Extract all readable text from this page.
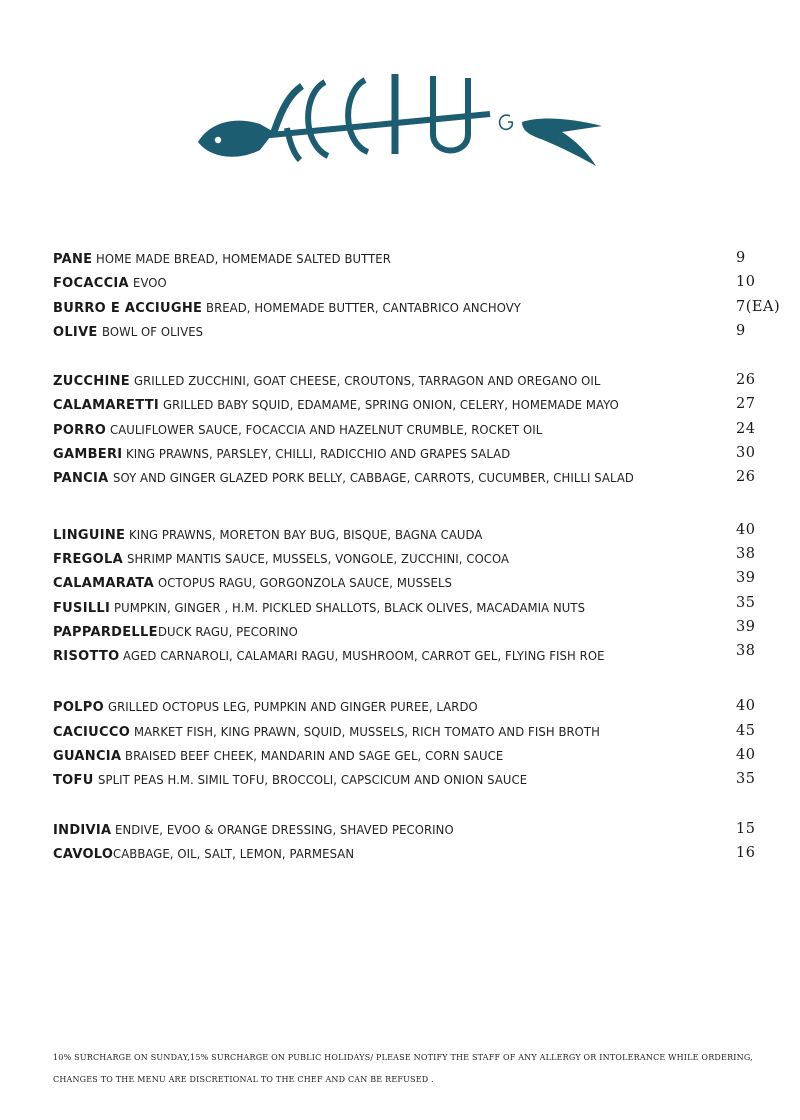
PANE HOME MADE BREAD, HOMEMADE SALTED BUTTER	9
FOCACCIA EVOO	10
BURRO E ACCIUGHE BREAD, HOMEMADE BUTTER, CANTABRICO ANCHOVY	7(EA)
OLIVE BOWL OF OLIVES	9
ZUCCHINE GRILLED ZUCCHINI, GOAT CHEESE, CROUTONS, TARRAGON AND OREGANO OIL	26
CALAMARETTI GRILLED BABY SQUID, EDAMAME, SPRING ONION, CELERY, HOMEMADE MAYO	27
PORRO CAULIFLOWER SAUCE, FOCACCIA AND HAZELNUT CRUMBLE, ROCKET OIL	24
GAMBERI KING PRAWNS, PARSLEY, CHILLI, RADICCHIO AND GRAPES SALAD	30
PANCIA SOY AND GINGER GLAZED PORK BELLY, CABBAGE, CARROTS, CUCUMBER, CHILLI SALAD	26
LINGUINE KING PRAWNS, MORETON BAY BUG, BISQUE, BAGNA CAUDA	40
FREGOLA SHRIMP MANTIS SAUCE, MUSSELS, VONGOLE, ZUCCHINI, COCOA	38
CALAMARATA OCTOPUS RAGU, GORGONZOLA SAUCE, MUSSELS	39
FUSILLI PUMPKIN, GINGER , H.M. PICKLED SHALLOTS, BLACK OLIVES, MACADAMIA NUTS	35
PAPPARDELLEDUCK RAGU, PECORINO	39
RISOTTO AGED CARNAROLI, CALAMARI RAGU, MUSHROOM, CARROT GEL, FLYING FISH ROE	38
POLPO GRILLED OCTOPUS LEG, PUMPKIN AND GINGER PUREE, LARDO	40
CACIUCCO MARKET FISH, KING PRAWN, SQUID, MUSSELS, RICH TOMATO AND FISH BROTH	45
GUANCIA BRAISED BEEF CHEEK, MANDARIN AND SAGE GEL, CORN SAUCE	40
TOFU SPLIT PEAS H.M. SIMIL TOFU, BROCCOLI, CAPSCICUM AND ONION SAUCE	35
INDIVIA ENDIVE, EVOO & ORANGE DRESSING, SHAVED PECORINO	15
CAVOLOCABBAGE, OIL, SALT, LEMON, PARMESAN	16
10% SURCHARGE ON SUNDAY,15% SURCHARGE ON PUBLIC HOLIDAYS/ PLEASE NOTIFY THE STAFF OF ANY ALLERGY OR INTOLERANCE WHILE ORDERING,
CHANGES TO THE MENU ARE DISCRETIONAL TO THE CHEF AND CAN BE REFUSED .
